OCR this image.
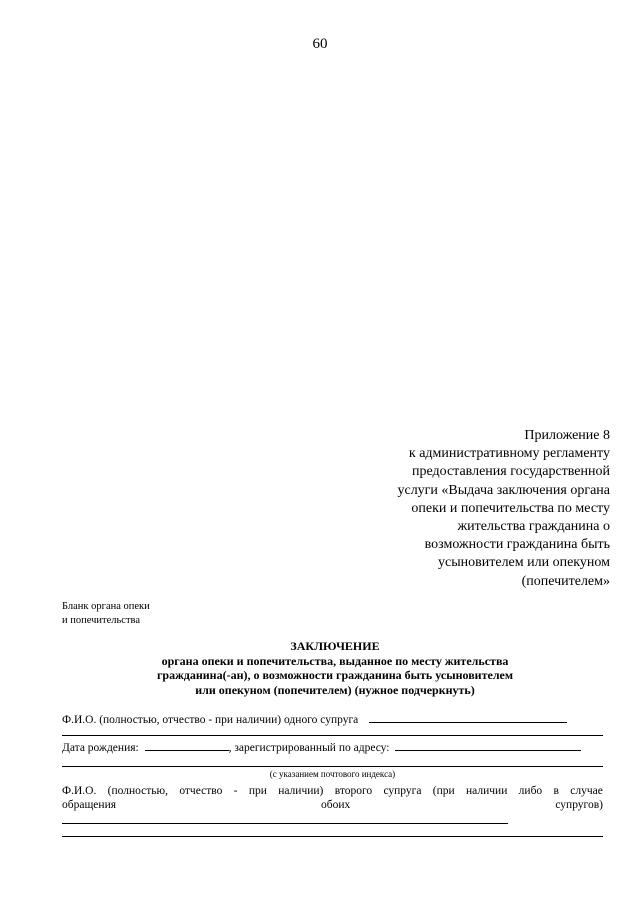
60
Приложение 8
к административному регламенту
предоставления государственной
услуги «Выдача заключения органа
опеки и попечительства по месту
жительства гражданина о
возможности гражданина быть
усыновителем или опекуном
(попечителем»
Бланк органа опеки
и попечительства
ЗАКЛЮЧЕНИЕ
органа опеки и попечительства, выданное по месту жительства
гражданина(-ан), о возможности гражданина быть усыновителем
или опекуном (попечителем) (нужное подчеркнуть)
Ф.И.О. (полностью, отчество - при наличии) одного супруга
Дата рождения:	, зарегистрированный по адресу:
(с указанием почтового индекса)
Ф.И.О. (полностью, отчество - при наличии) второго супруга (при наличии либо в случае
обращения	обоих	супругов)
